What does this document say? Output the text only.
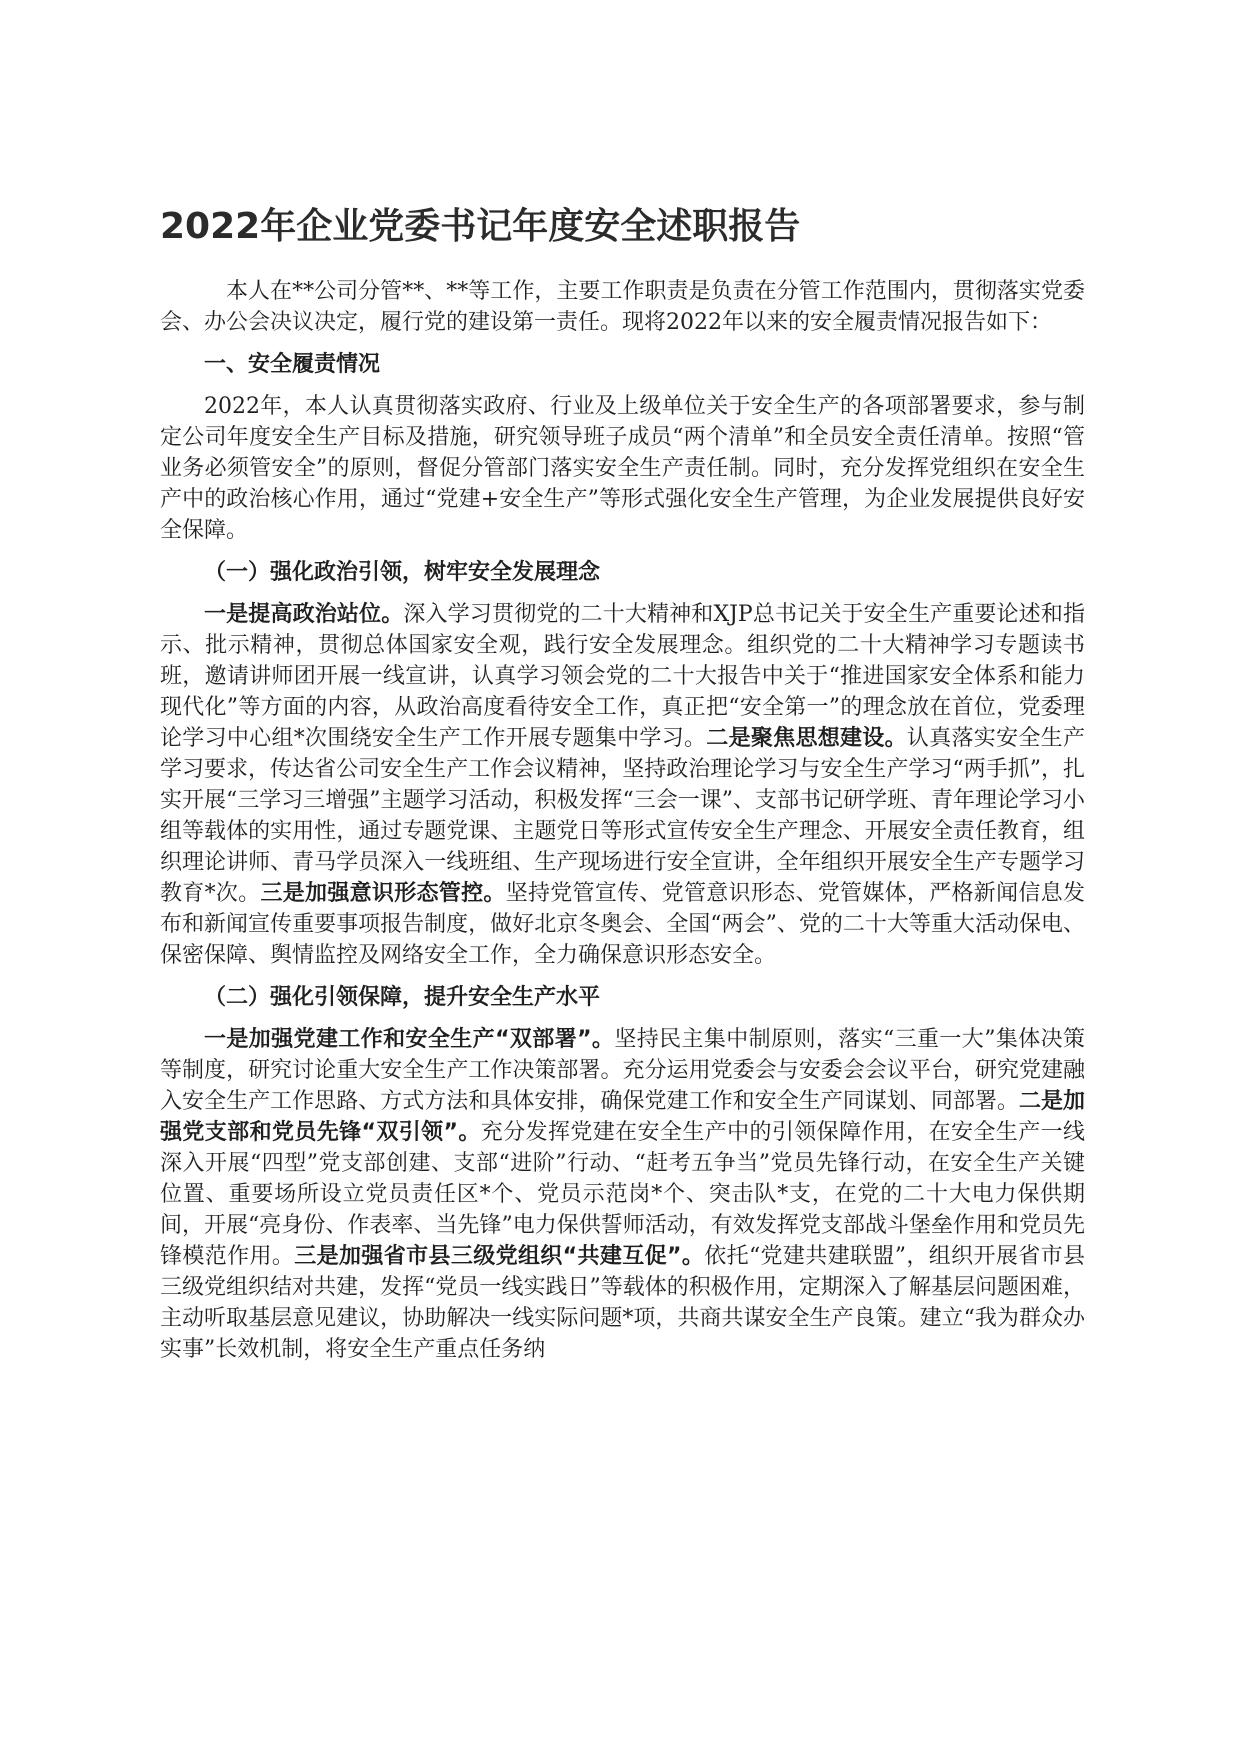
2022年企业党委书记年度安全述职报告

本人在**公司分管**、**等工作，主要工作职责是负责在分管工作范围内，贯彻落实党委会、办公会决议决定，履行党的建设第一责任。现将2022年以来的安全履责情况报告如下：

一、安全履责情况

2022年，本人认真贯彻落实政府、行业及上级单位关于安全生产的各项部署要求，参与制定公司年度安全生产目标及措施，研究领导班子成员“两个清单”和全员安全责任清单。按照“管业务必须管安全”的原则，督促分管部门落实安全生产责任制。同时，充分发挥党组织在安全生产中的政治核心作用，通过“党建+安全生产”等形式强化安全生产管理，为企业发展提供良好安全保障。

（一）强化政治引领，树牢安全发展理念

一是提高政治站位。深入学习贯彻党的二十大精神和XJP总书记关于安全生产重要论述和指示、批示精神，贯彻总体国家安全观，践行安全发展理念。组织党的二十大精神学习专题读书班，邀请讲师团开展一线宣讲，认真学习领会党的二十大报告中关于“推进国家安全体系和能力现代化”等方面的内容，从政治高度看待安全工作，真正把“安全第一”的理念放在首位，党委理论学习中心组*次围绕安全生产工作开展专题集中学习。二是聚焦思想建设。认真落实安全生产学习要求，传达省公司安全生产工作会议精神，坚持政治理论学习与安全生产学习“两手抓”，扎实开展“三学习三增强”主题学习活动，积极发挥“三会一课”、支部书记研学班、青年理论学习小组等载体的实用性，通过专题党课、主题党日等形式宣传安全生产理念、开展安全责任教育，组织理论讲师、青马学员深入一线班组、生产现场进行安全宣讲，全年组织开展安全生产专题学习教育*次。三是加强意识形态管控。坚持党管宣传、党管意识形态、党管媒体，严格新闻信息发布和新闻宣传重要事项报告制度，做好北京冬奥会、全国“两会”、党的二十大等重大活动保电、保密保障、舆情监控及网络安全工作，全力确保意识形态安全。

（二）强化引领保障，提升安全生产水平

一是加强党建工作和安全生产“双部署”。坚持民主集中制原则，落实“三重一大”集体决策等制度，研究讨论重大安全生产工作决策部署。充分运用党委会与安委会会议平台，研究党建融入安全生产工作思路、方式方法和具体安排，确保党建工作和安全生产同谋划、同部署。二是加强党支部和党员先锋“双引领”。充分发挥党建在安全生产中的引领保障作用，在安全生产一线深入开展“四型”党支部创建、支部“进阶”行动、“赶考五争当”党员先锋行动，在安全生产关键位置、重要场所设立党员责任区*个、党员示范岗*个、突击队*支，在党的二十大电力保供期间，开展“亮身份、作表率、当先锋”电力保供誓师活动，有效发挥党支部战斗堡垒作用和党员先锋模范作用。三是加强省市县三级党组织“共建互促”。依托“党建共建联盟”，组织开展省市县三级党组织结对共建，发挥“党员一线实践日”等载体的积极作用，定期深入了解基层问题困难，主动听取基层意见建议，协助解决一线实际问题*项，共商共谋安全生产良策。建立“我为群众办实事”长效机制，将安全生产重点任务纳
